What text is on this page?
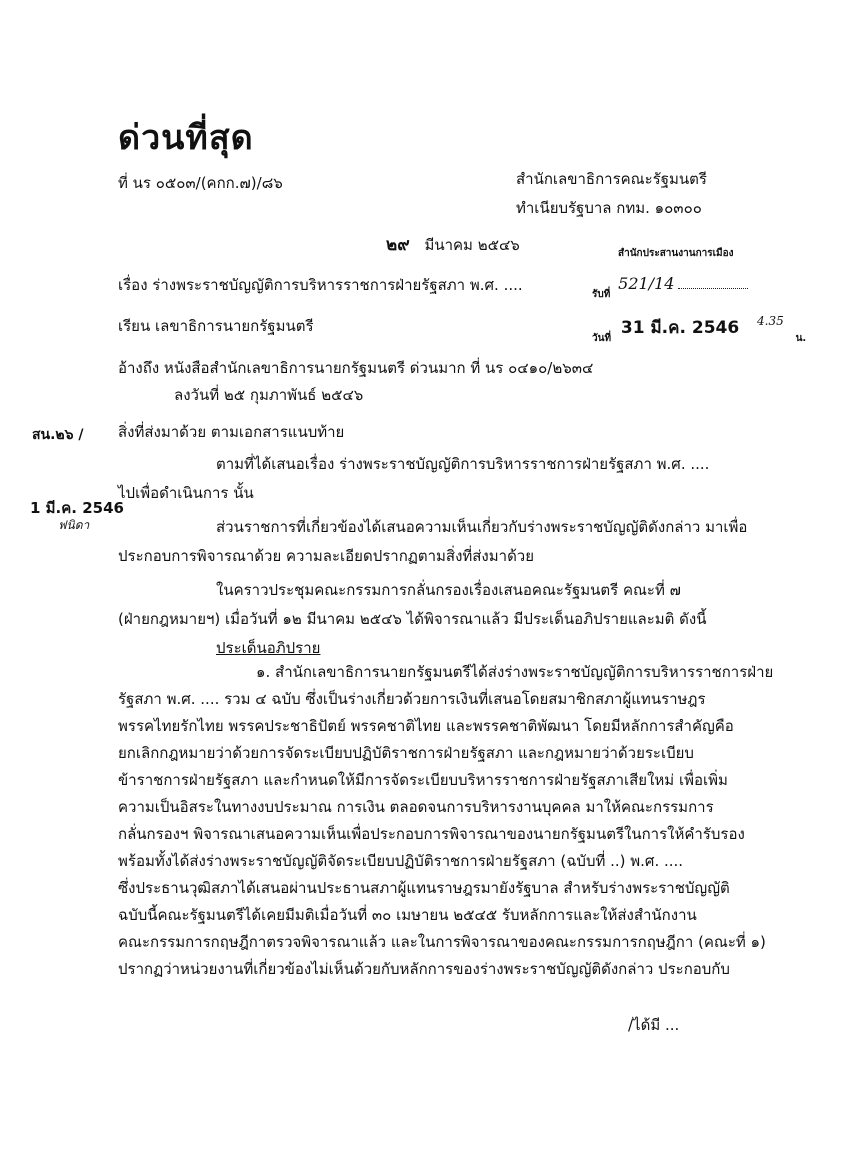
ด่วนที่สุด
ที่ นร ๐๕๐๓/(คกก.๗)/๘๖	สำนักเลขาธิการคณะรัฐมนตรี
ทำเนียบรัฐบาล กทม. ๑๐๓๐๐
๒๙ มีนาคม ๒๕๔๖	สำนักประสานงานการเมือง
$_{รับที่}$ 521/14
$_{วันที่}$ 31 มี.ค. 2546 4.35 $_{น.}$
เรื่อง ร่างพระราชบัญญัติการบริหารราชการฝ่ายรัฐสภา พ.ศ. ....
เรียน เลขาธิการนายกรัฐมนตรี
อ้างถึง หนังสือสำนักเลขาธิการนายกรัฐมนตรี ด่วนมาก ที่ นร ๐๔๑๐/๒๖๓๔
ลงวันที่ ๒๕ กุมภาพันธ์ ๒๕๔๖
สน.๒๖ /
1 มี.ค. 2546
ฟนิดา
สิ่งที่ส่งมาด้วย ตามเอกสารแนบท้าย
ตามที่ได้เสนอเรื่อง ร่างพระราชบัญญัติการบริหารราชการฝ่ายรัฐสภา พ.ศ. ....
ไปเพื่อดำเนินการ นั้น
ส่วนราชการที่เกี่ยวข้องได้เสนอความเห็นเกี่ยวกับร่างพระราชบัญญัติดังกล่าว มาเพื่อ
ประกอบการพิจารณาด้วย ความละเอียดปรากฏตามสิ่งที่ส่งมาด้วย
ในคราวประชุมคณะกรรมการกลั่นกรองเรื่องเสนอคณะรัฐมนตรี คณะที่ ๗
(ฝ่ายกฎหมายฯ) เมื่อวันที่ ๑๒ มีนาคม ๒๕๔๖ ได้พิจารณาแล้ว มีประเด็นอภิปรายและมติ ดังนี้
ประเด็นอภิปราย
๑. สำนักเลขาธิการนายกรัฐมนตรีได้ส่งร่างพระราชบัญญัติการบริหารราชการฝ่าย
รัฐสภา พ.ศ. .... รวม ๔ ฉบับ ซึ่งเป็นร่างเกี่ยวด้วยการเงินที่เสนอโดยสมาชิกสภาผู้แทนราษฎร
พรรคไทยรักไทย พรรคประชาธิปัตย์ พรรคชาติไทย และพรรคชาติพัฒนา โดยมีหลักการสำคัญคือ
ยกเลิกกฎหมายว่าด้วยการจัดระเบียบปฏิบัติราชการฝ่ายรัฐสภา และกฎหมายว่าด้วยระเบียบ
ข้าราชการฝ่ายรัฐสภา และกำหนดให้มีการจัดระเบียบบริหารราชการฝ่ายรัฐสภาเสียใหม่ เพื่อเพิ่ม
ความเป็นอิสระในทางงบประมาณ การเงิน ตลอดจนการบริหารงานบุคคล มาให้คณะกรรมการ
กลั่นกรองฯ พิจารณาเสนอความเห็นเพื่อประกอบการพิจารณาของนายกรัฐมนตรีในการให้คำรับรอง
พร้อมทั้งได้ส่งร่างพระราชบัญญัติจัดระเบียบปฏิบัติราชการฝ่ายรัฐสภา (ฉบับที่ ..) พ.ศ. ....
ซึ่งประธานวุฒิสภาได้เสนอผ่านประธานสภาผู้แทนราษฎรมายังรัฐบาล สำหรับร่างพระราชบัญญัติ
ฉบับนี้คณะรัฐมนตรีได้เคยมีมติเมื่อวันที่ ๓๐ เมษายน ๒๕๔๕ รับหลักการและให้ส่งสำนักงาน
คณะกรรมการกฤษฎีกาตรวจพิจารณาแล้ว และในการพิจารณาของคณะกรรมการกฤษฎีกา (คณะที่ ๑)
ปรากฏว่าหน่วยงานที่เกี่ยวข้องไม่เห็นด้วยกับหลักการของร่างพระราชบัญญัติดังกล่าว ประกอบกับ
/ได้มี ...
